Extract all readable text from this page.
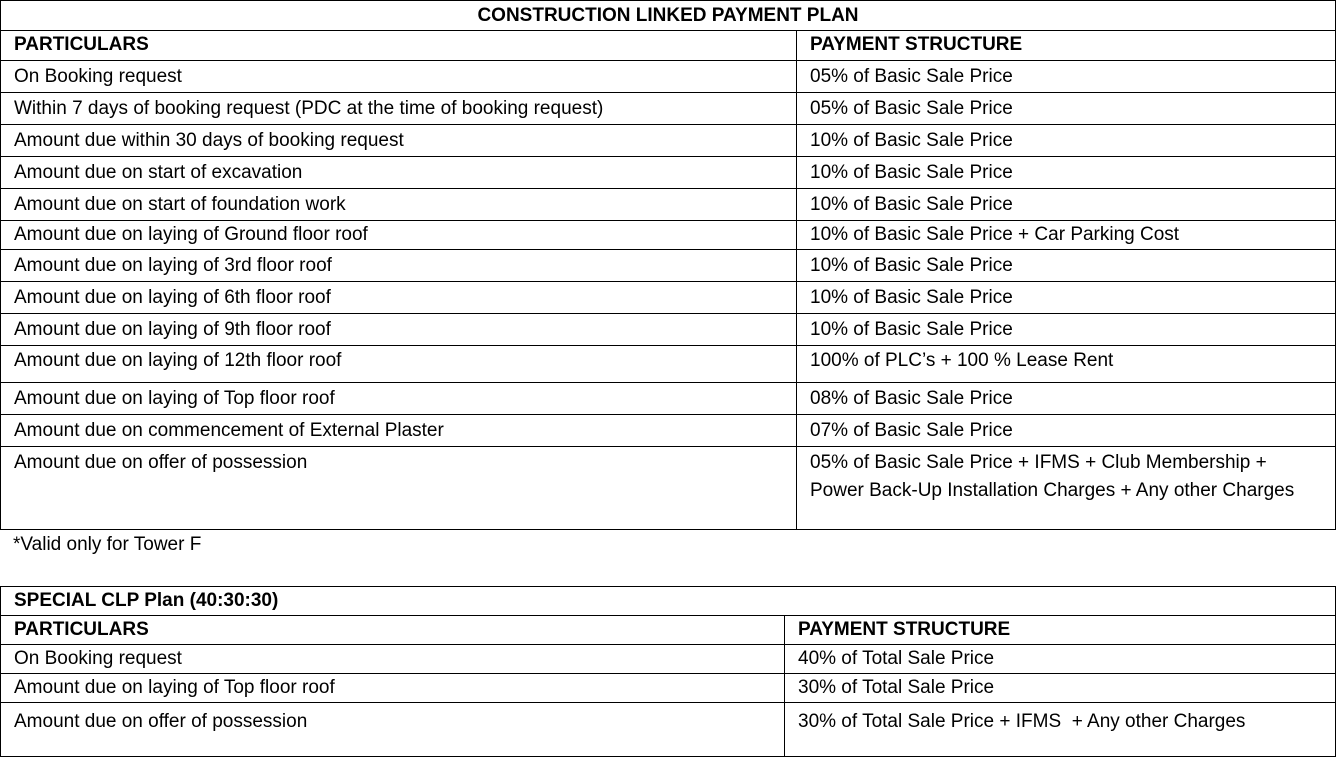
CONSTRUCTION LINKED PAYMENT PLAN	
PARTICULARS	PAYMENT STRUCTURE
On Booking request	05% of Basic Sale Price
Within 7 days of booking request (PDC at the time of booking request)	05% of Basic Sale Price
Amount due within 30 days of booking request	10% of Basic Sale Price
Amount due on start of excavation	10% of Basic Sale Price
Amount due on start of foundation work	10% of Basic Sale Price
Amount due on laying of Ground floor roof	10% of Basic Sale Price + Car Parking Cost
Amount due on laying of 3rd floor roof	10% of Basic Sale Price
Amount due on laying of 6th floor roof	10% of Basic Sale Price
Amount due on laying of 9th floor roof	10% of Basic Sale Price
Amount due on laying of 12th floor roof	100% of PLC’s + 100 % Lease Rent
Amount due on laying of Top floor roof	08% of Basic Sale Price
Amount due on commencement of External Plaster	07% of Basic Sale Price
Amount due on offer of possession	05% of Basic Sale Price + IFMS + Club Membership + Power Back-Up Installation Charges + Any other Charges
*Valid only for Tower F
SPECIAL CLP Plan (40:30:30)	
PARTICULARS	PAYMENT STRUCTURE
On Booking request	40% of Total Sale Price
Amount due on laying of Top floor roof	30% of Total Sale Price
Amount due on offer of possession	30% of Total Sale Price + IFMS  + Any other Charges
